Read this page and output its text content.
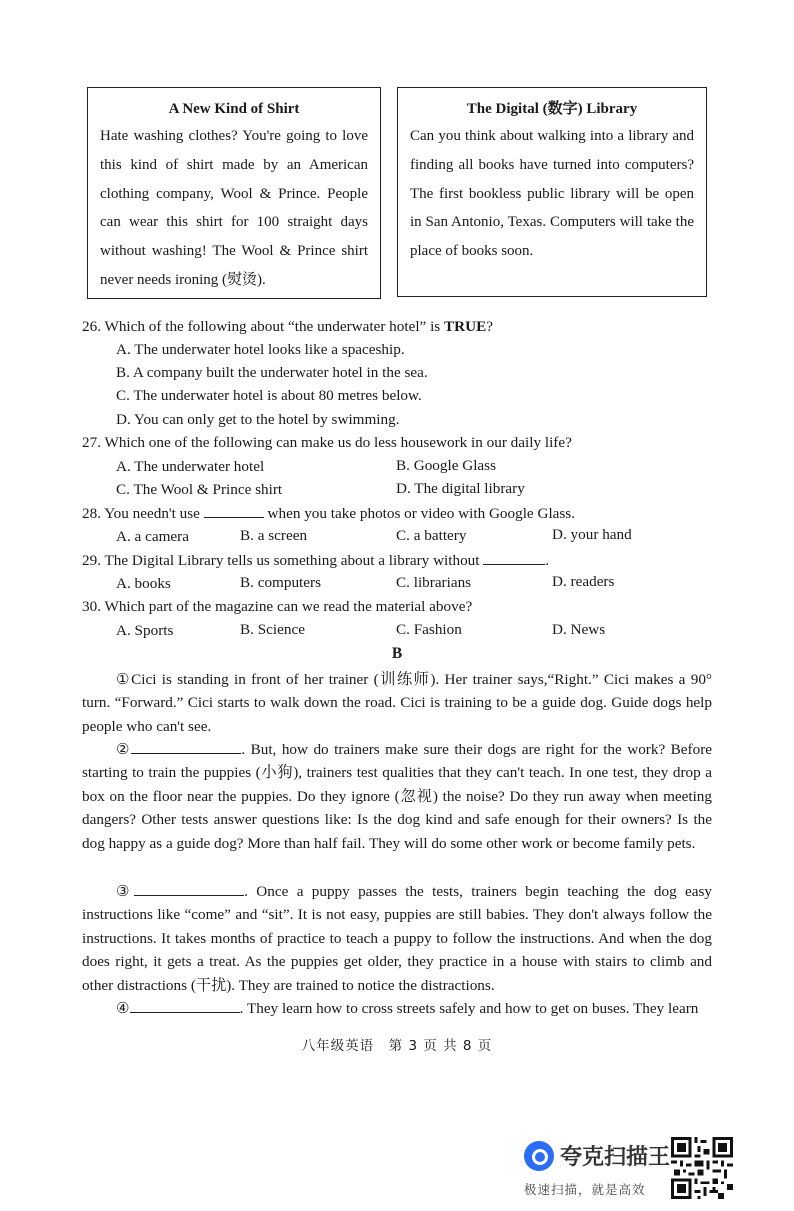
A New Kind of Shirt
Hate washing clothes? You're going to love this kind of shirt made by an American clothing company, Wool & Prince. People can wear this shirt for 100 straight days without washing! The Wool & Prince shirt never needs ironing (熨烫).
The Digital (数字) Library
Can you think about walking into a library and finding all books have turned into computers? The first bookless public library will be open in San Antonio, Texas. Computers will take the place of books soon.
26. Which of the following about “the underwater hotel” is TRUE?
A. The underwater hotel looks like a spaceship.
B. A company built the underwater hotel in the sea.
C. The underwater hotel is about 80 metres below.
D. You can only get to the hotel by swimming.
27. Which one of the following can make us do less housework in our daily life?
A. The underwater hotel	B. Google Glass
C. The Wool & Prince shirt	D. The digital library
28. You needn't use	when you take photos or video with Google Glass.
A. a camera	B. a screen	C. a battery	D. your hand
29. The Digital Library tells us something about a library without	.
A. books	B. computers	C. librarians	D. readers
30. Which part of the magazine can we read the material above?
A. Sports	B. Science	C. Fashion	D. News
B
①Cici is standing in front of her trainer (训练师). Her trainer says,“Right.” Cici makes a 90° turn. “Forward.” Cici starts to walk down the road. Cici is training to be a guide dog. Guide dogs help people who can't see.
②	. But, how do trainers make sure their dogs are right for the work? Before starting to train the puppies (小狗), trainers test qualities that they can't teach. In one test, they drop a box on the floor near the puppies. Do they ignore (忽视) the noise? Do they run away when meeting dangers? Other tests answer questions like: Is the dog kind and safe enough for their owners? Is the dog happy as a guide dog? More than half fail. They will do some other work or become family pets.
③	. Once a puppy passes the tests, trainers begin teaching the dog easy instructions like “come” and “sit”. It is not easy, puppies are still babies. They don't always follow the instructions. It takes months of practice to teach a puppy to follow the instructions. And when the dog does right, it gets a treat. As the puppies get older, they practice in a house with stairs to climb and other distractions (干扰). They are trained to notice the distractions.
④	. They learn how to cross streets safely and how to get on buses. They learn
八年级英语　第 3 页 共 8 页
夸克扫描王
极速扫描，就是高效
